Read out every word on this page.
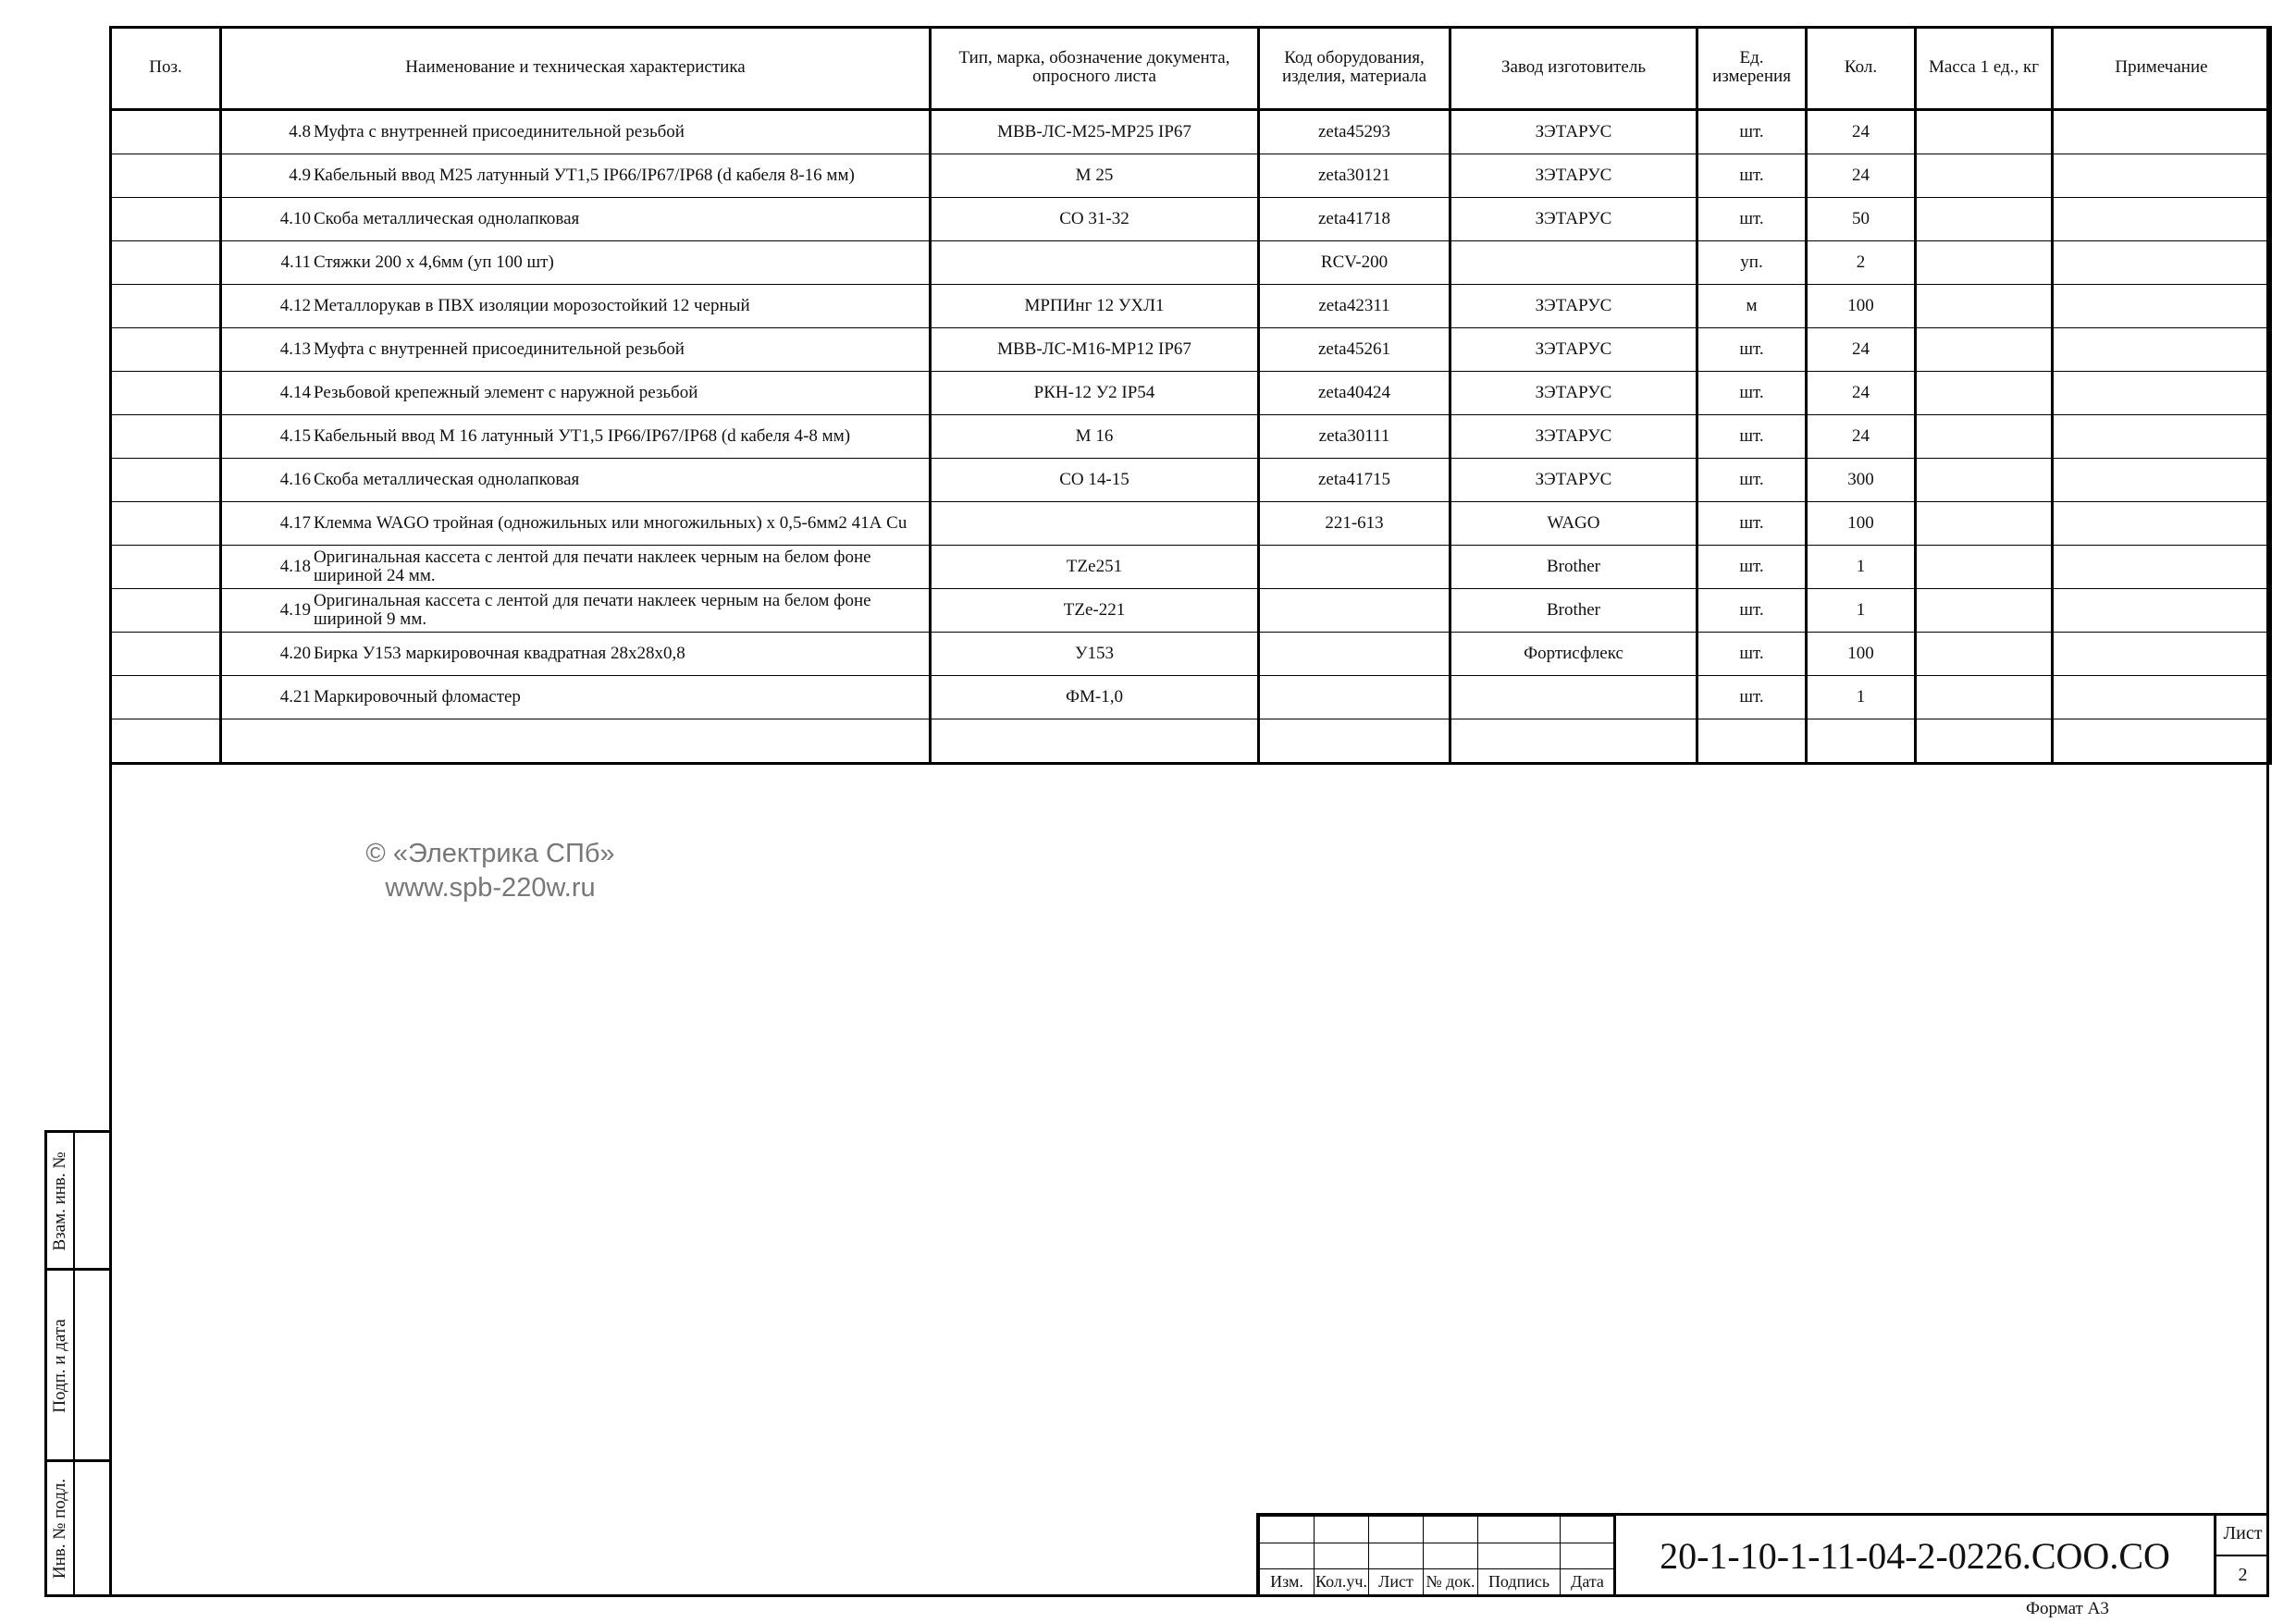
Поз.	Наименование и техническая характеристика	Тип, марка, обозначение документа, опросного листа	Код оборудования, изделия, материала	Завод изготовитель	Ед. измерения	Кол.	Масса 1 ед., кг	Примечание

	4.8 Муфта с внутренней присоединительной резьбой	МВВ-ЛС-М25-МР25 IP67	zeta45293	ЗЭТАРУС	шт.	24		

	4.9 Кабельный ввод М25 латунный УТ1,5 IP66/IP67/IP68 (d кабеля 8-16 мм)	М 25	zeta30121	ЗЭТАРУС	шт.	24		

	4.10 Скоба металлическая однолапковая	СО 31-32	zeta41718	ЗЭТАРУС	шт.	50		

	4.11 Стяжки 200 х 4,6мм (уп 100 шт)		RCV-200		уп.	2		

	4.12 Металлорукав в ПВХ изоляции морозостойкий 12 черный	МРПИнг 12 УХЛ1	zeta42311	ЗЭТАРУС	м	100		

	4.13 Муфта с внутренней присоединительной резьбой	МВВ-ЛС-М16-МР12 IP67	zeta45261	ЗЭТАРУС	шт.	24		

	4.14 Резьбовой крепежный элемент с наружной резьбой	РКН-12 У2 IP54	zeta40424	ЗЭТАРУС	шт.	24		

	4.15 Кабельный ввод М 16 латунный УТ1,5 IP66/IP67/IP68 (d кабеля 4-8 мм)	М 16	zeta30111	ЗЭТАРУС	шт.	24		

	4.16 Скоба металлическая однолапковая	СО 14-15	zeta41715	ЗЭТАРУС	шт.	300		

	4.17 Клемма WAGO тройная (одножильных или многожильных) х 0,5-6мм2 41А Cu		221-613	WAGO	шт.	100		

	4.18 Оригинальная кассета с лентой для печати наклеек черным на белом фоне шириной 24 мм.	TZe251		Brother	шт.	1		

	4.19 Оригинальная кассета с лентой для печати наклеек черным на белом фоне шириной 9 мм.	TZe-221		Brother	шт.	1		

	4.20 Бирка У153 маркировочная квадратная 28х28х0,8	У153		Фортисфлекс	шт.	100		

	4.21 Маркировочный фломастер	ФМ-1,0			шт.	1		

© «Электрика СПб»
www.spb-220w.ru
Взам. инв. №
Подп. и дата
Инв. № подл.

Изм.	Кол.уч.	Лист	№ док.	Подпись	Дата
20-1-10-1-11-04-2-0226.СОО.СО
Лист
2
Формат А3
